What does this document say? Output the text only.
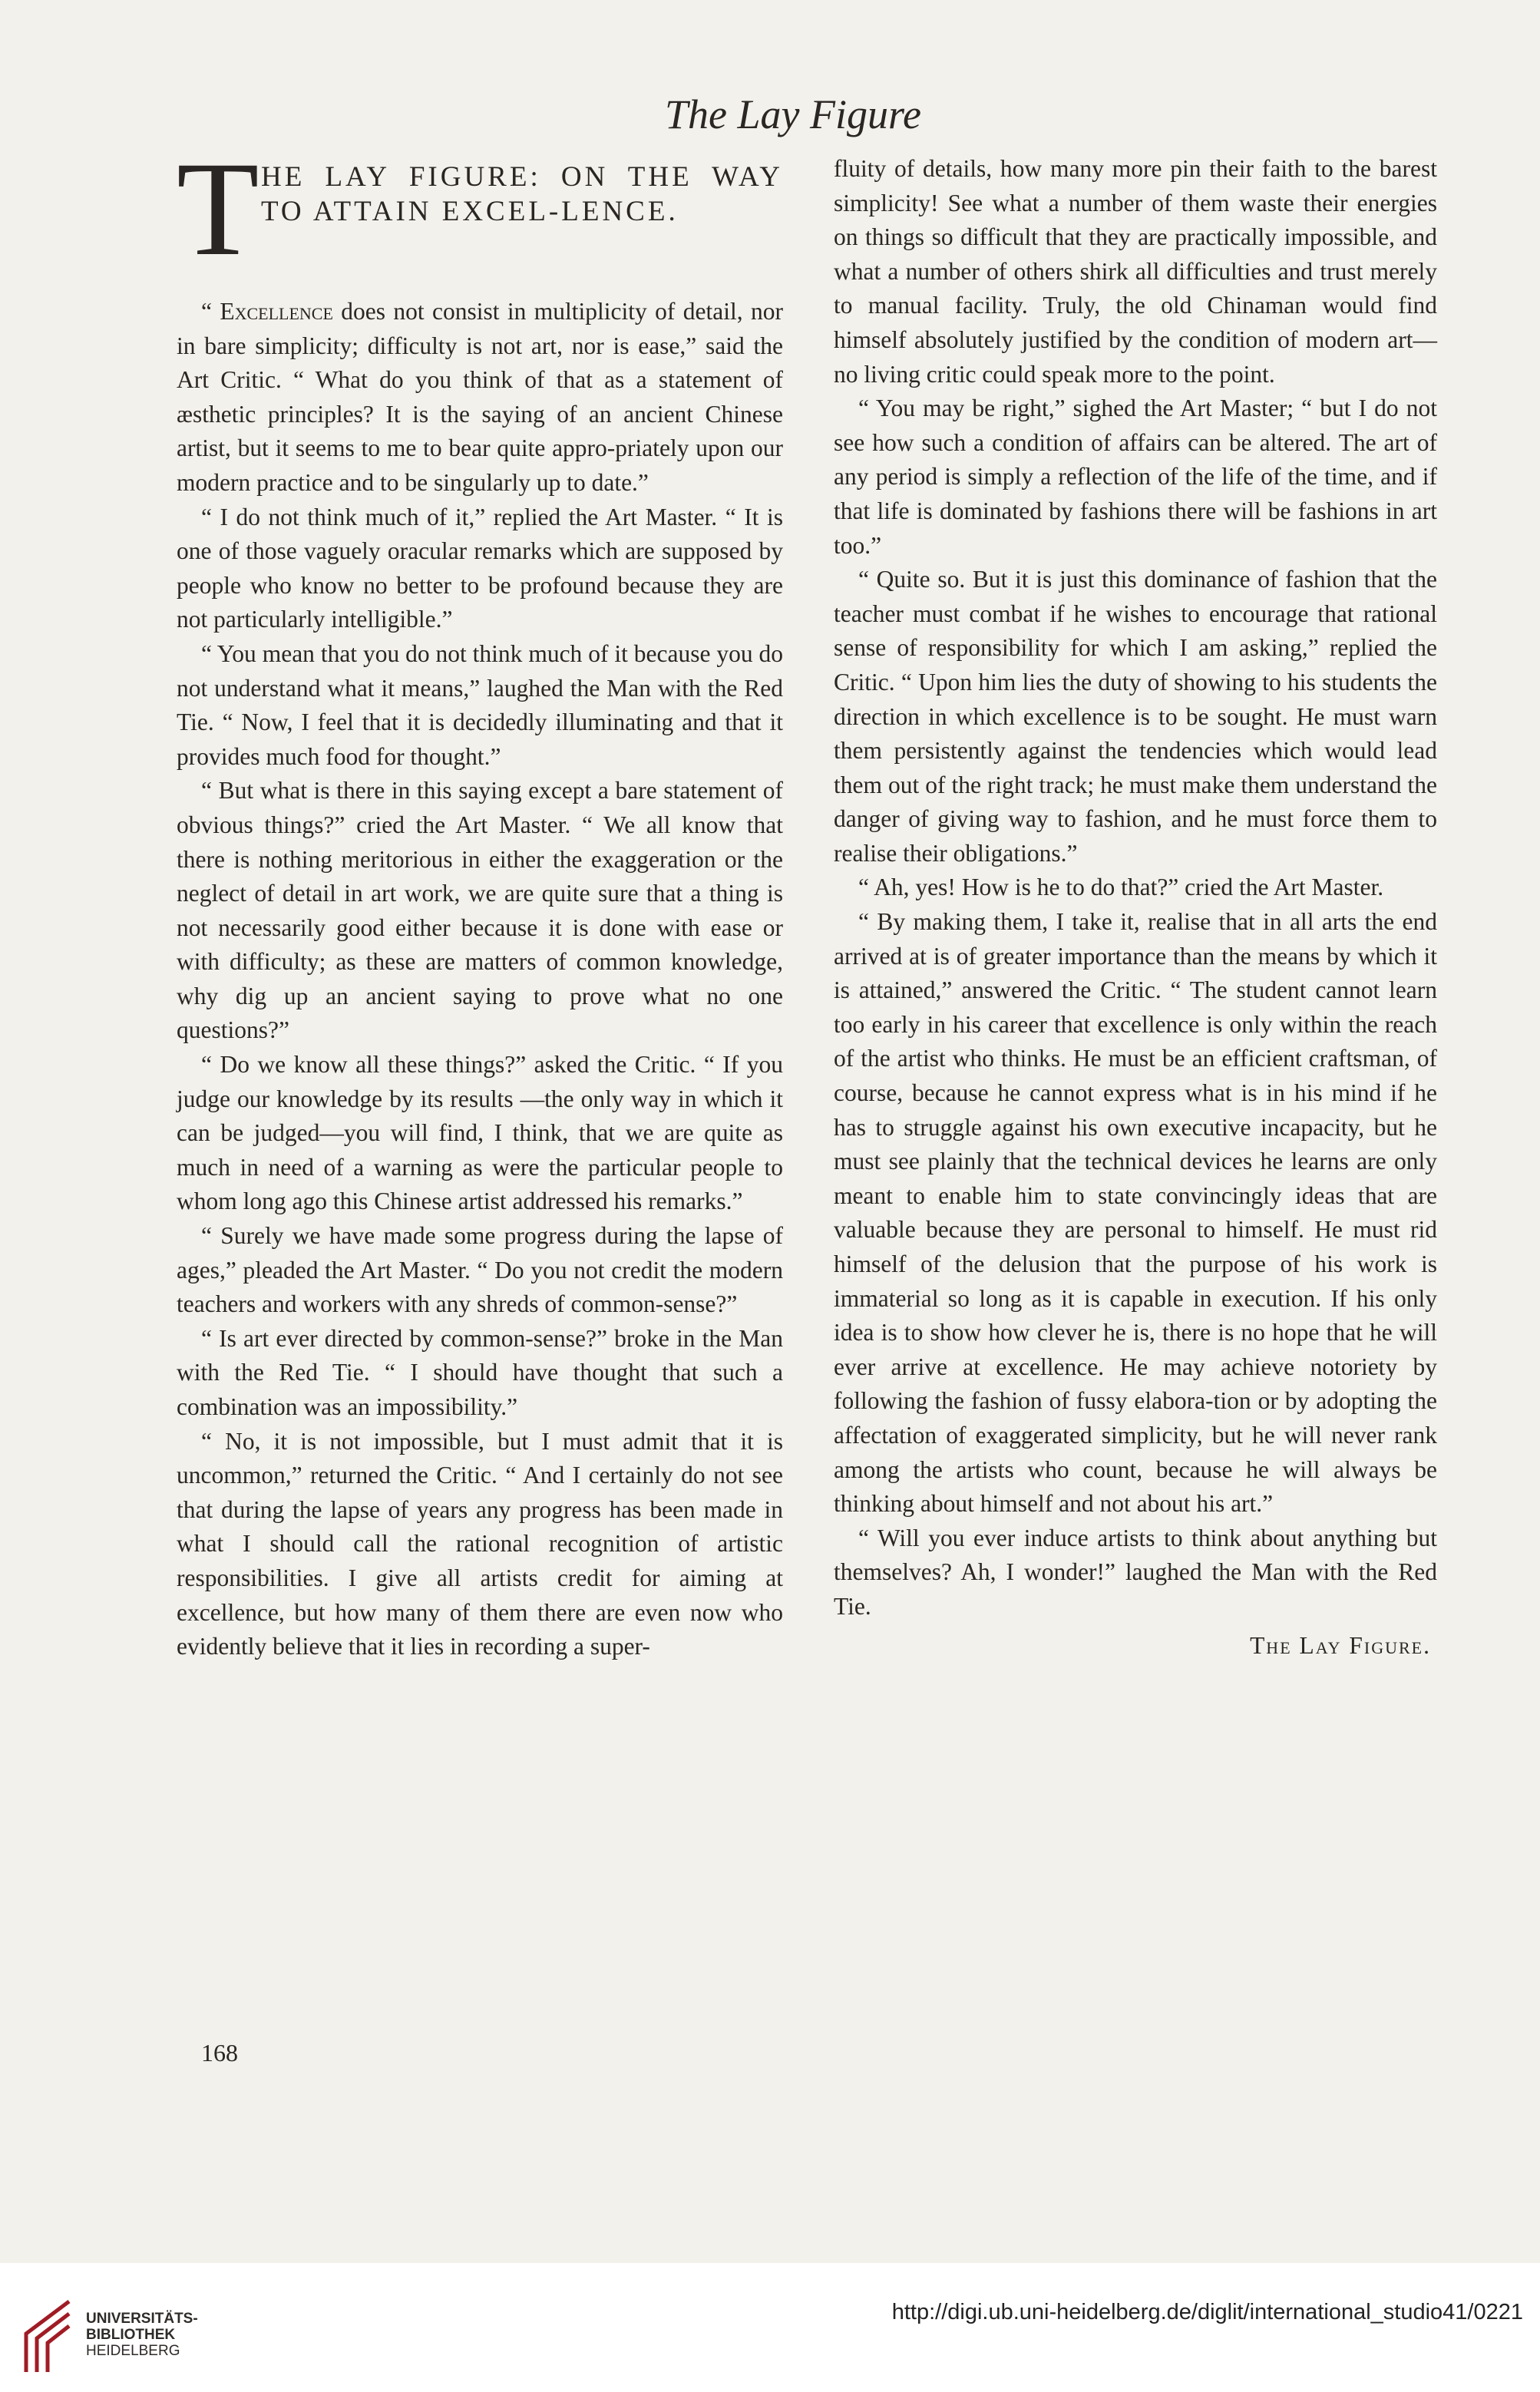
The Lay Figure
T HE LAY FIGURE: ON THE WAY TO ATTAIN EXCEL-LENCE.

“ Excellence does not consist in multiplicity of detail, nor in bare simplicity; difficulty is not art, nor is ease,” said the Art Critic. “ What do you think of that as a statement of æsthetic principles? It is the saying of an ancient Chinese artist, but it seems to me to bear quite appro-priately upon our modern practice and to be singularly up to date.”

“ I do not think much of it,” replied the Art Master. “ It is one of those vaguely oracular remarks which are supposed by people who know no better to be profound because they are not particularly intelligible.”

“ You mean that you do not think much of it because you do not understand what it means,” laughed the Man with the Red Tie. “ Now, I feel that it is decidedly illuminating and that it provides much food for thought.”

“ But what is there in this saying except a bare statement of obvious things?” cried the Art Master. “ We all know that there is nothing meritorious in either the exaggeration or the neglect of detail in art work, we are quite sure that a thing is not necessarily good either because it is done with ease or with difficulty; as these are matters of common knowledge, why dig up an ancient saying to prove what no one questions?”

“ Do we know all these things?” asked the Critic. “ If you judge our knowledge by its results —the only way in which it can be judged—you will find, I think, that we are quite as much in need of a warning as were the particular people to whom long ago this Chinese artist addressed his remarks.”

“ Surely we have made some progress during the lapse of ages,” pleaded the Art Master. “ Do you not credit the modern teachers and workers with any shreds of common-sense?”

“ Is art ever directed by common-sense?” broke in the Man with the Red Tie. “ I should have thought that such a combination was an impossibility.”

“ No, it is not impossible, but I must admit that it is uncommon,” returned the Critic. “ And I certainly do not see that during the lapse of years any progress has been made in what I should call the rational recognition of artistic responsibilities. I give all artists credit for aiming at excellence, but how many of them there are even now who evidently believe that it lies in recording a super-

fluity of details, how many more pin their faith to the barest simplicity! See what a number of them waste their energies on things so difficult that they are practically impossible, and what a number of others shirk all difficulties and trust merely to manual facility. Truly, the old Chinaman would find himself absolutely justified by the condition of modern art—no living critic could speak more to the point.

“ You may be right,” sighed the Art Master; “ but I do not see how such a condition of affairs can be altered. The art of any period is simply a reflection of the life of the time, and if that life is dominated by fashions there will be fashions in art too.”

“ Quite so. But it is just this dominance of fashion that the teacher must combat if he wishes to encourage that rational sense of responsibility for which I am asking,” replied the Critic. “ Upon him lies the duty of showing to his students the direction in which excellence is to be sought. He must warn them persistently against the tendencies which would lead them out of the right track; he must make them understand the danger of giving way to fashion, and he must force them to realise their obligations.”

“ Ah, yes! How is he to do that?” cried the Art Master.

“ By making them, I take it, realise that in all arts the end arrived at is of greater importance than the means by which it is attained,” answered the Critic. “ The student cannot learn too early in his career that excellence is only within the reach of the artist who thinks. He must be an efficient craftsman, of course, because he cannot express what is in his mind if he has to struggle against his own executive incapacity, but he must see plainly that the technical devices he learns are only meant to enable him to state convincingly ideas that are valuable because they are personal to himself. He must rid himself of the delusion that the purpose of his work is immaterial so long as it is capable in execution. If his only idea is to show how clever he is, there is no hope that he will ever arrive at excellence. He may achieve notoriety by following the fashion of fussy elabora-tion or by adopting the affectation of exaggerated simplicity, but he will never rank among the artists who count, because he will always be thinking about himself and not about his art.”

“ Will you ever induce artists to think about anything but themselves? Ah, I wonder!” laughed the Man with the Red Tie.

The Lay Figure.
168
UNIVERSITÄTS-
BIBLIOTHEK
HEIDELBERG
http://digi.ub.uni-heidelberg.de/diglit/international_studio41/0221
